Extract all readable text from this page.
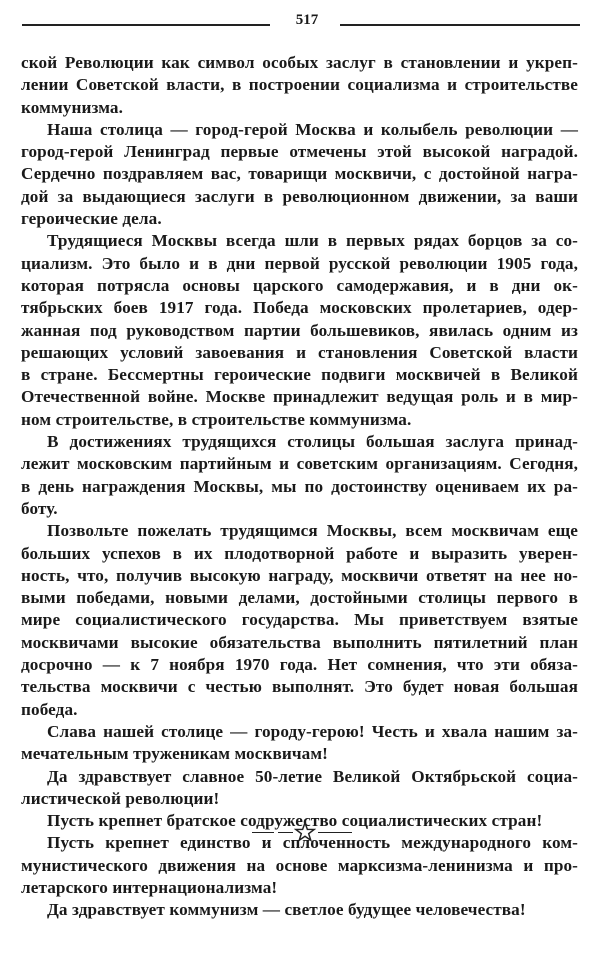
517
ской Революции как символ особых заслуг в становлении и укреп-
лении Советской власти, в построении социализма и строительстве
коммунизма.
Наша столица — город-герой Москва и колыбель революции —
город-герой Ленинград первые отмечены этой высокой наградой.
Сердечно поздравляем вас, товарищи москвичи, с достойной награ-
дой за выдающиеся заслуги в революционном движении, за ваши
героические дела.
Трудящиеся Москвы всегда шли в первых рядах борцов за со-
циализм. Это было и в дни первой русской революции 1905 года,
которая потрясла основы царского самодержавия, и в дни ок-
тябрьских боев 1917 года. Победа московских пролетариев, одер-
жанная под руководством партии большевиков, явилась одним из
решающих условий завоевания и становления Советской власти
в стране. Бессмертны героические подвиги москвичей в Великой
Отечественной войне. Москве принадлежит ведущая роль и в мир-
ном строительстве, в строительстве коммунизма.
В достижениях трудящихся столицы большая заслуга принад-
лежит московским партийным и советским организациям. Сегодня,
в день награждения Москвы, мы по достоинству оцениваем их ра-
боту.
Позвольте пожелать трудящимся Москвы, всем москвичам еще
больших успехов в их плодотворной работе и выразить уверен-
ность, что, получив высокую награду, москвичи ответят на нее но-
выми победами, новыми делами, достойными столицы первого в
мире социалистического государства. Мы приветствуем взятые
москвичами высокие обязательства выполнить пятилетний план
досрочно — к 7 ноября 1970 года. Нет сомнения, что эти обяза-
тельства москвичи с честью выполнят. Это будет новая большая
победа.
Слава нашей столице — городу-герою! Честь и хвала нашим за-
мечательным труженикам москвичам!
Да здравствует славное 50-летие Великой Октябрьской социа-
листической революции!
Пусть крепнет братское содружество социалистических стран!
Пусть крепнет единство и сплоченность международного ком-
мунистического движения на основе марксизма-ленинизма и про-
летарского интернационализма!
Да здравствует коммунизм — светлое будущее человечества!
